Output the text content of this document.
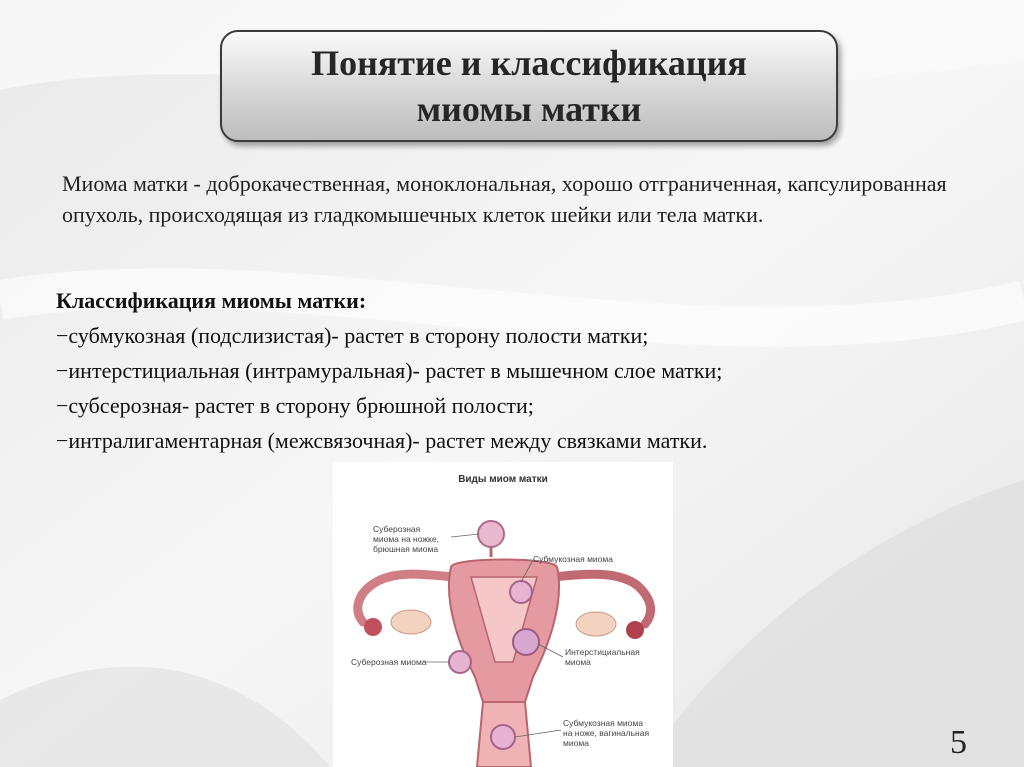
Понятие и классификация
миомы матки
Миома матки - доброкачественная, моноклональная, хорошо отграниченная, капсулированная опухоль, происходящая из гладкомышечных клеток шейки или тела матки.
Классификация миомы матки:
−субмукозная (подслизистая)- растет в сторону полости матки;
−интерстициальная (интрамуральная)- растет в мышечном слое матки;
−субсерозная- растет в сторону брюшной полости;
−интралигаментарная (межсвязочная)- растет между связками матки.
Виды миом матки
Суберозная
миома на ножке,
брюшная миома
Субмукозная миома
Суберозная миома
Интерстициальная
миома
Субмукозная миома
на ноже, вагинальная
миома	5
